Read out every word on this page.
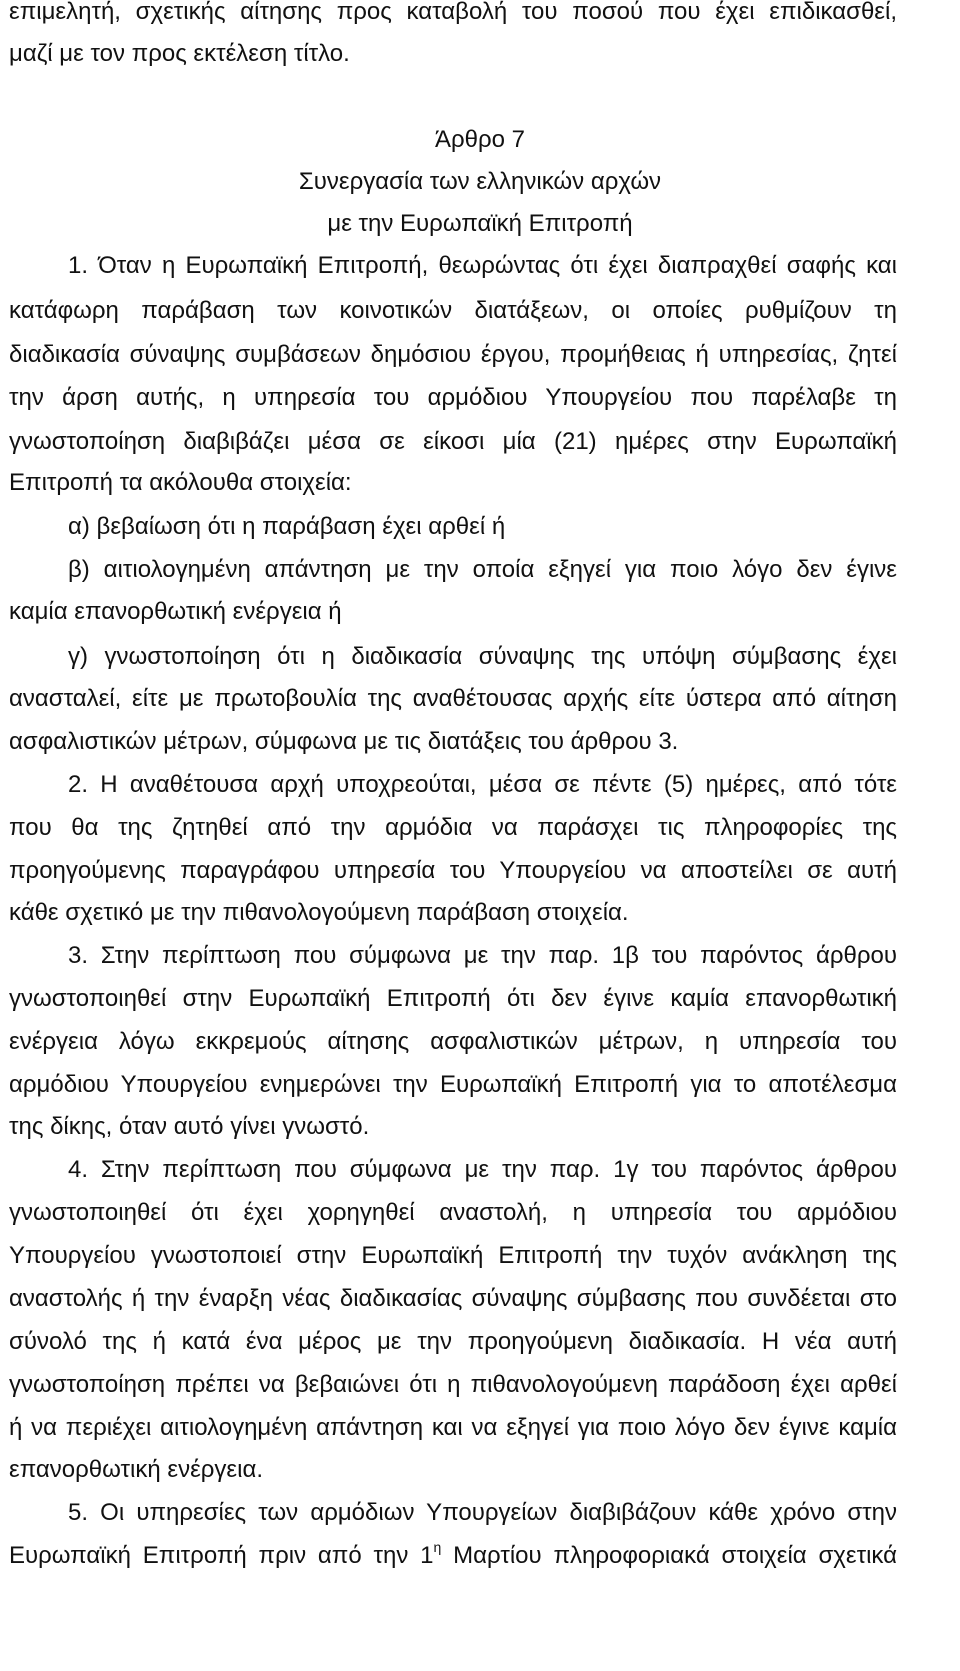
επιμελητή, σχετικής αίτησης προς καταβολή του ποσού που έχει επιδικασθεί,

μαζί με τον προς εκτέλεση τίτλο.

Άρθρο 7

Συνεργασία των ελληνικών αρχών

με την Ευρωπαϊκή Επιτροπή

1. Όταν η Ευρωπαϊκή Επιτροπή, θεωρώντας ότι έχει διαπραχθεί σαφής και

κατάφωρη παράβαση των κοινοτικών διατάξεων, οι οποίες ρυθμίζουν τη

διαδικασία σύναψης συμβάσεων δημόσιου έργου, προμήθειας ή υπηρεσίας, ζητεί

την άρση αυτής, η υπηρεσία του αρμόδιου Υπουργείου που παρέλαβε τη

γνωστοποίηση διαβιβάζει μέσα σε είκοσι μία (21) ημέρες στην Ευρωπαϊκή

Επιτροπή τα ακόλουθα στοιχεία:

α) βεβαίωση ότι η παράβαση έχει αρθεί ή

β) αιτιολογημένη απάντηση με την οποία εξηγεί για ποιο λόγο δεν έγινε

καμία επανορθωτική ενέργεια ή

γ) γνωστοποίηση ότι η διαδικασία σύναψης της υπόψη σύμβασης έχει

ανασταλεί, είτε με πρωτοβουλία της αναθέτουσας αρχής είτε ύστερα από αίτηση

ασφαλιστικών μέτρων, σύμφωνα με τις διατάξεις του άρθρου 3.

2. Η αναθέτουσα αρχή υποχρεούται, μέσα σε πέντε (5) ημέρες, από τότε

που θα της ζητηθεί από την αρμόδια να παράσχει τις πληροφορίες της

προηγούμενης παραγράφου υπηρεσία του Υπουργείου να αποστείλει σε αυτή

κάθε σχετικό με την πιθανολογούμενη παράβαση στοιχεία.

3. Στην περίπτωση που σύμφωνα με την παρ. 1β του παρόντος άρθρου

γνωστοποιηθεί στην Ευρωπαϊκή Επιτροπή ότι δεν έγινε καμία επανορθωτική

ενέργεια λόγω εκκρεμούς αίτησης ασφαλιστικών μέτρων, η υπηρεσία του

αρμόδιου Υπουργείου ενημερώνει την Ευρωπαϊκή Επιτροπή για το αποτέλεσμα

της δίκης, όταν αυτό γίνει γνωστό.

4. Στην περίπτωση που σύμφωνα με την παρ. 1γ του παρόντος άρθρου

γνωστοποιηθεί ότι έχει χορηγηθεί αναστολή, η υπηρεσία του αρμόδιου

Υπουργείου γνωστοποιεί στην Ευρωπαϊκή Επιτροπή την τυχόν ανάκληση της

αναστολής ή την έναρξη νέας διαδικασίας σύναψης σύμβασης που συνδέεται στο

σύνολό της ή κατά ένα μέρος με την προηγούμενη διαδικασία. Η νέα αυτή

γνωστοποίηση πρέπει να βεβαιώνει ότι η πιθανολογούμενη παράδοση έχει αρθεί

ή να περιέχει αιτιολογημένη απάντηση και να εξηγεί για ποιο λόγο δεν έγινε καμία

επανορθωτική ενέργεια.

5. Οι υπηρεσίες των αρμόδιων Υπουργείων διαβιβάζουν κάθε χρόνο στην

Ευρωπαϊκή Επιτροπή πριν από την $1^\eta$ Μαρτίου πληροφοριακά στοιχεία σχετικά
